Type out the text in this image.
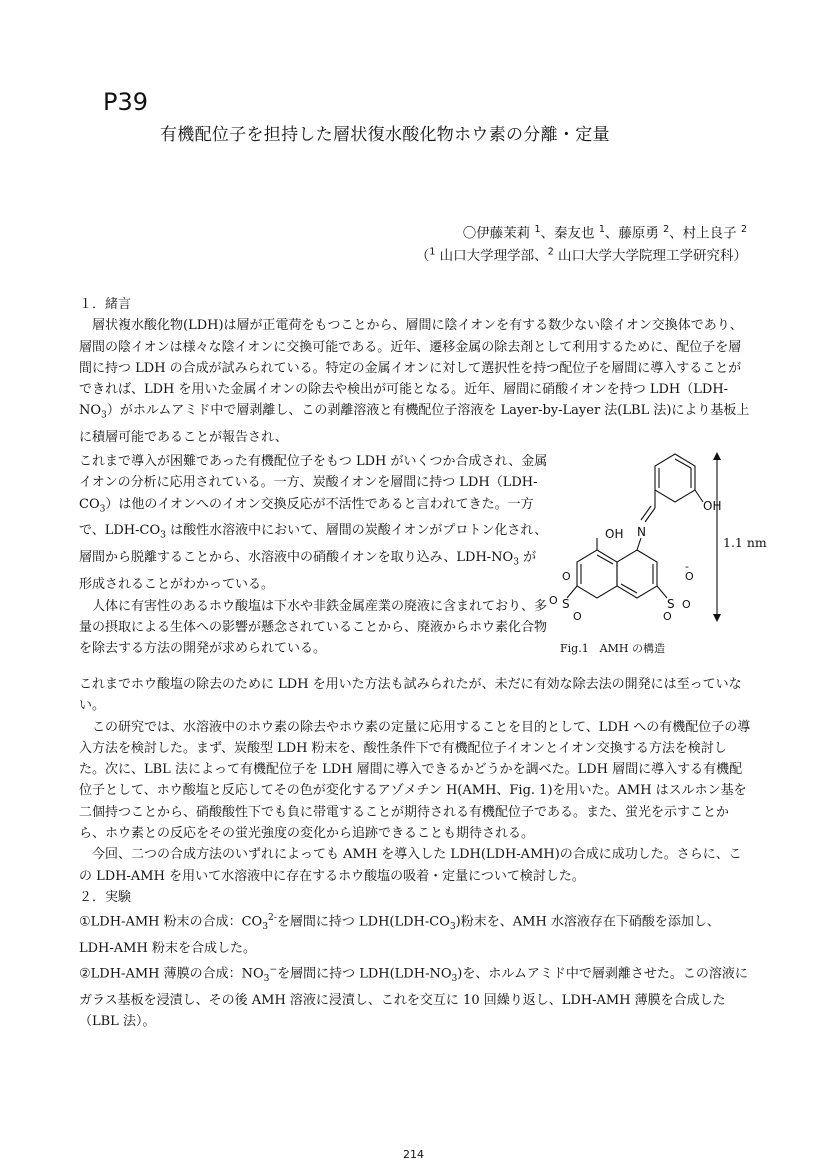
P39
有機配位子を担持した層状復水酸化物ホウ素の分離・定量
〇伊藤茉莉 $^1$、秦友也 $^1$、藤原勇 $^2$、村上良子 $^2$
（$^1$ 山口大学理学部、$^2$ 山口大学大学院理工学研究科）

１．緒言

層状複水酸化物(LDH)は層が正電荷をもつことから、層間に陰イオンを有する数少ない陰イオン交換体であり、層間の陰イオンは様々な陰イオンに交換可能である。近年、遷移金属の除去剤として利用するために、配位子を層間に持つ LDH の合成が試みられている。特定の金属イオンに対して選択性を持つ配位子を層間に導入することができれば、LDH を用いた金属イオンの除去や検出が可能となる。近年、層間に硝酸イオンを持つ $LDH(LDH-NO_3)$がホルムアミド中で層剥離し、この剥離溶液と有機配位子溶液を Layer-by-Layer 法(LBL 法)により基板上に積層可能であることが報告され、

これまで導入が困難であった有機配位子をもつ LDH がいくつか合成され、金属イオンの分析に応用されている。一方、炭酸イオンを層間に持つ $LDH(LDH-CO_3)$は他のイオンへのイオン交換反応が不活性であると言われてきた。一方で、LDH-$CO_3$ は酸性水溶液中において、層間の炭酸イオンがプロトン化され、層間から脱離することから、水溶液中の硝酸イオンを取り込み、LDH-$NO_3$ が形成されることがわかっている。

人体に有害性のあるホウ酸塩は下水や非鉄金属産業の廃液に含まれており、多量の摂取による生体への影響が懸念されていることから、廃液からホウ素化合物を除去する方法の開発が求められている。

これまでホウ酸塩の除去のために LDH を用いた方法も試みられたが、未だに有効な除去法の開発には至っていない。

この研究では、水溶液中のホウ素の除去やホウ素の定量に応用することを目的として、LDH への有機配位子の導入方法を検討した。まず、炭酸型 LDH 粉末を、酸性条件下で有機配位子イオンとイオン交換する方法を検討した。次に、LBL 法によって有機配位子を LDH 層間に導入できるかどうかを調べた。LDH 層間に導入する有機配位子として、ホウ酸塩と反応してその色が変化するアゾメチン H(AMH、Fig. 1)を用いた。AMH はスルホン基を二個持つことから、硝酸酸性下でも負に帯電することが期待される有機配位子である。また、蛍光を示すことから、ホウ素との反応をその蛍光強度の変化から追跡できることも期待される。

今回、二つの合成方法のいずれによっても AMH を導入した LDH(LDH-AMH)の合成に成功した。さらに、この LDH-AMH を用いて水溶液中に存在するホウ酸塩の吸着・定量について検討した。

２．実験

①LDH-AMH 粉末の合成：$CO_3^{2-}$を層間に持つ $LDH(LDH-CO_3)$粉末を、AMH 水溶液存在下硝酸を添加し、LDH-AMH 粉末を合成した。

②LDH-AMH 薄膜の合成：$NO_3^-$を層間に持つ $LDH(LDH-NO_3)$を、ホルムアミド中で層剥離させた。この溶液にガラス基板を浸漬し、その後 AMH 溶液に浸漬し、これを交互に 10 回繰り返し、LDH-AMH 薄膜を合成した（LBL 法）。

OH
N
OH
S
O
O
O
S
O
-
O
O
1.1 nm
Fig.1　AMH の構造
214
